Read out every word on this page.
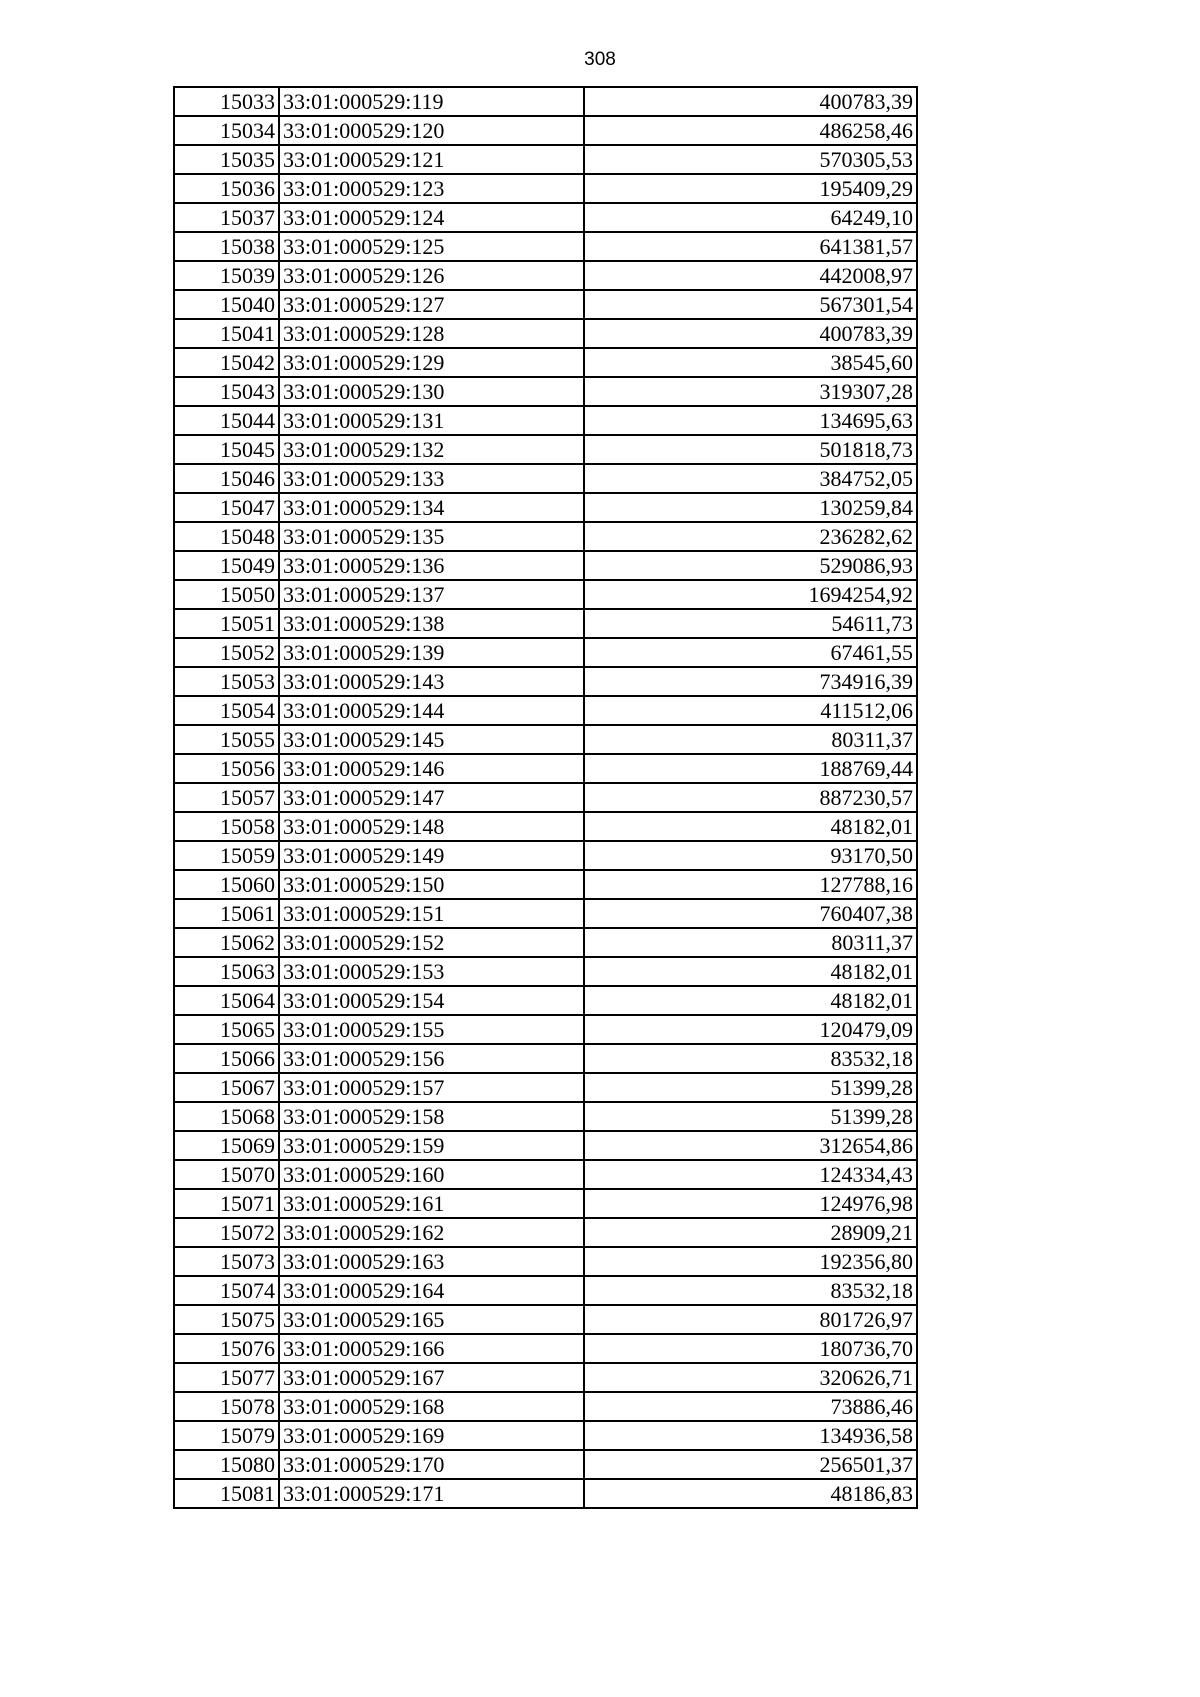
308
15033	33:01:000529:119	400783,39
15034	33:01:000529:120	486258,46
15035	33:01:000529:121	570305,53
15036	33:01:000529:123	195409,29
15037	33:01:000529:124	64249,10
15038	33:01:000529:125	641381,57
15039	33:01:000529:126	442008,97
15040	33:01:000529:127	567301,54
15041	33:01:000529:128	400783,39
15042	33:01:000529:129	38545,60
15043	33:01:000529:130	319307,28
15044	33:01:000529:131	134695,63
15045	33:01:000529:132	501818,73
15046	33:01:000529:133	384752,05
15047	33:01:000529:134	130259,84
15048	33:01:000529:135	236282,62
15049	33:01:000529:136	529086,93
15050	33:01:000529:137	1694254,92
15051	33:01:000529:138	54611,73
15052	33:01:000529:139	67461,55
15053	33:01:000529:143	734916,39
15054	33:01:000529:144	411512,06
15055	33:01:000529:145	80311,37
15056	33:01:000529:146	188769,44
15057	33:01:000529:147	887230,57
15058	33:01:000529:148	48182,01
15059	33:01:000529:149	93170,50
15060	33:01:000529:150	127788,16
15061	33:01:000529:151	760407,38
15062	33:01:000529:152	80311,37
15063	33:01:000529:153	48182,01
15064	33:01:000529:154	48182,01
15065	33:01:000529:155	120479,09
15066	33:01:000529:156	83532,18
15067	33:01:000529:157	51399,28
15068	33:01:000529:158	51399,28
15069	33:01:000529:159	312654,86
15070	33:01:000529:160	124334,43
15071	33:01:000529:161	124976,98
15072	33:01:000529:162	28909,21
15073	33:01:000529:163	192356,80
15074	33:01:000529:164	83532,18
15075	33:01:000529:165	801726,97
15076	33:01:000529:166	180736,70
15077	33:01:000529:167	320626,71
15078	33:01:000529:168	73886,46
15079	33:01:000529:169	134936,58
15080	33:01:000529:170	256501,37
15081	33:01:000529:171	48186,83
